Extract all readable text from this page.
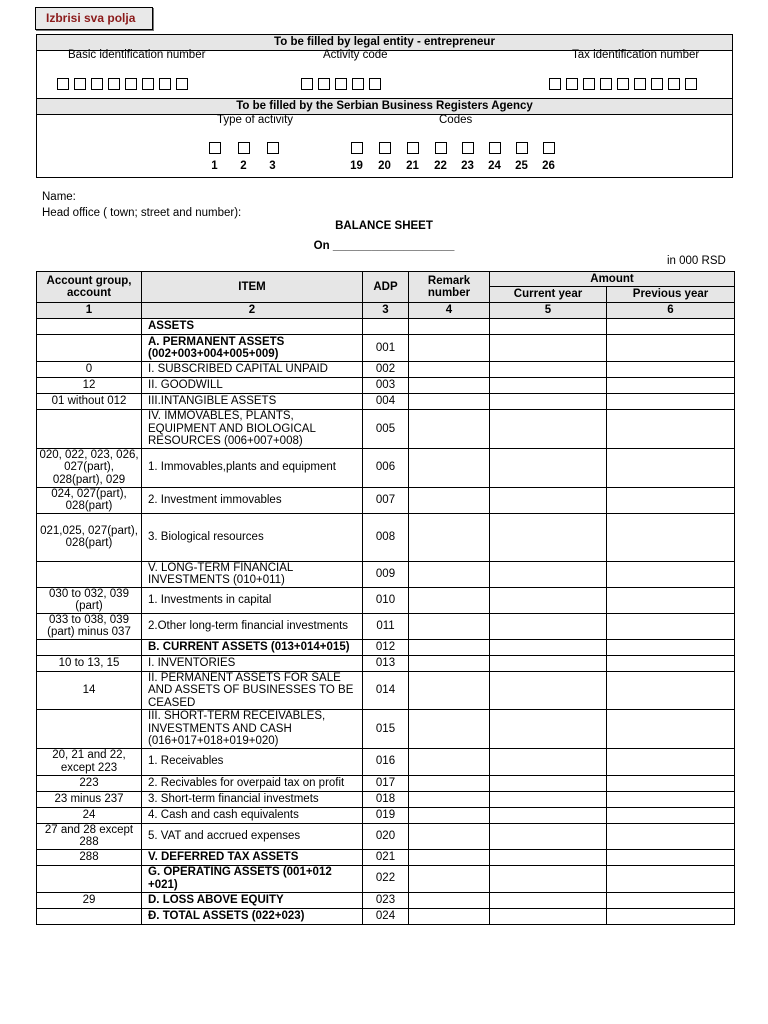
Izbrisi sva polja
To be filled by legal entity - entrepreneur
Basic identification number	Activity code	Tax identification number
To be filled by the Serbian Business Registers Agency
Type of activity	Codes
1	2	3	19	20	21	22	23	24	25	26
Name:
Head office ( town; street and number):
BALANCE SHEET
On ___________________
in 000 RSD
Account group, account	ITEM	ADP	Remark number	Amount	
				Current year	Previous year
1	2	3	4	5	6
	ASSETS				
	A. PERMANENT ASSETS (002+003+004+005+009)	001			
0	I. SUBSCRIBED CAPITAL UNPAID	002			
12	II. GOODWILL	003			
01 without 012	III.INTANGIBLE ASSETS	004			
	IV. IMMOVABLES, PLANTS, EQUIPMENT AND BIOLOGICAL RESOURCES (006+007+008)	005			
020, 022, 023, 026, 027(part), 028(part), 029	1. Immovables,plants and equipment	006			
024, 027(part), 028(part)	2. Investment immovables	007			
021,025, 027(part), 028(part)	3. Biological resources	008			
	V. LONG-TERM FINANCIAL INVESTMENTS (010+011)	009			
030 to 032, 039 (part)	1. Investments in capital	010			
033 to 038, 039 (part) minus 037	2.Other long-term financial investments	011			
	B. CURRENT ASSETS (013+014+015)	012			
10 to 13, 15	I. INVENTORIES	013			
14	II. PERMANENT ASSETS FOR SALE AND ASSETS OF BUSINESSES TO BE CEASED	014			
	III. SHORT-TERM RECEIVABLES, INVESTMENTS AND CASH (016+017+018+019+020)	015			
20, 21 and 22, except 223	1. Receivables	016			
223	2. Recivables for overpaid tax on profit	017			
23 minus 237	3. Short-term financial investmets	018			
24	4. Cash and cash equivalents	019			
27 and 28 except 288	5. VAT and accrued expenses	020			
288	V. DEFERRED TAX ASSETS	021			
	G. OPERATING ASSETS (001+012 +021)	022			
29	D. LOSS ABOVE EQUITY	023			
	Đ. TOTAL ASSETS (022+023)	024			
